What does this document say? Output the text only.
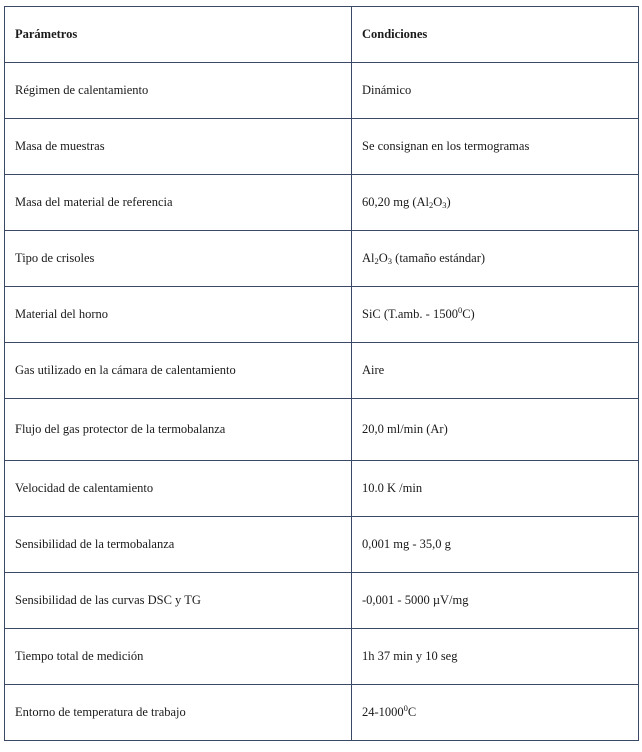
Parámetros	Condiciones
Régimen de calentamiento	Dinámico
Masa de muestras	Se consignan en los termogramas
Masa del material de referencia	60,20 mg $(Al_2O_3)$
Tipo de crisoles	$Al_2O_3$ (tamaño estándar)
Material del horno	SiC (T.amb. - 1500$^0$C)
Gas utilizado en la cámara de calentamiento	Aire
Flujo del gas protector de la termobalanza	20,0 ml/min (Ar)
Velocidad de calentamiento	10.0 K /min
Sensibilidad de la termobalanza	0,001 mg - 35,0 g
Sensibilidad de las curvas DSC y TG	-0,001 - 5000 µV/mg
Tiempo total de medición	1h 37 min y 10 seg
Entorno de temperatura de trabajo	24-1000$^0$C
